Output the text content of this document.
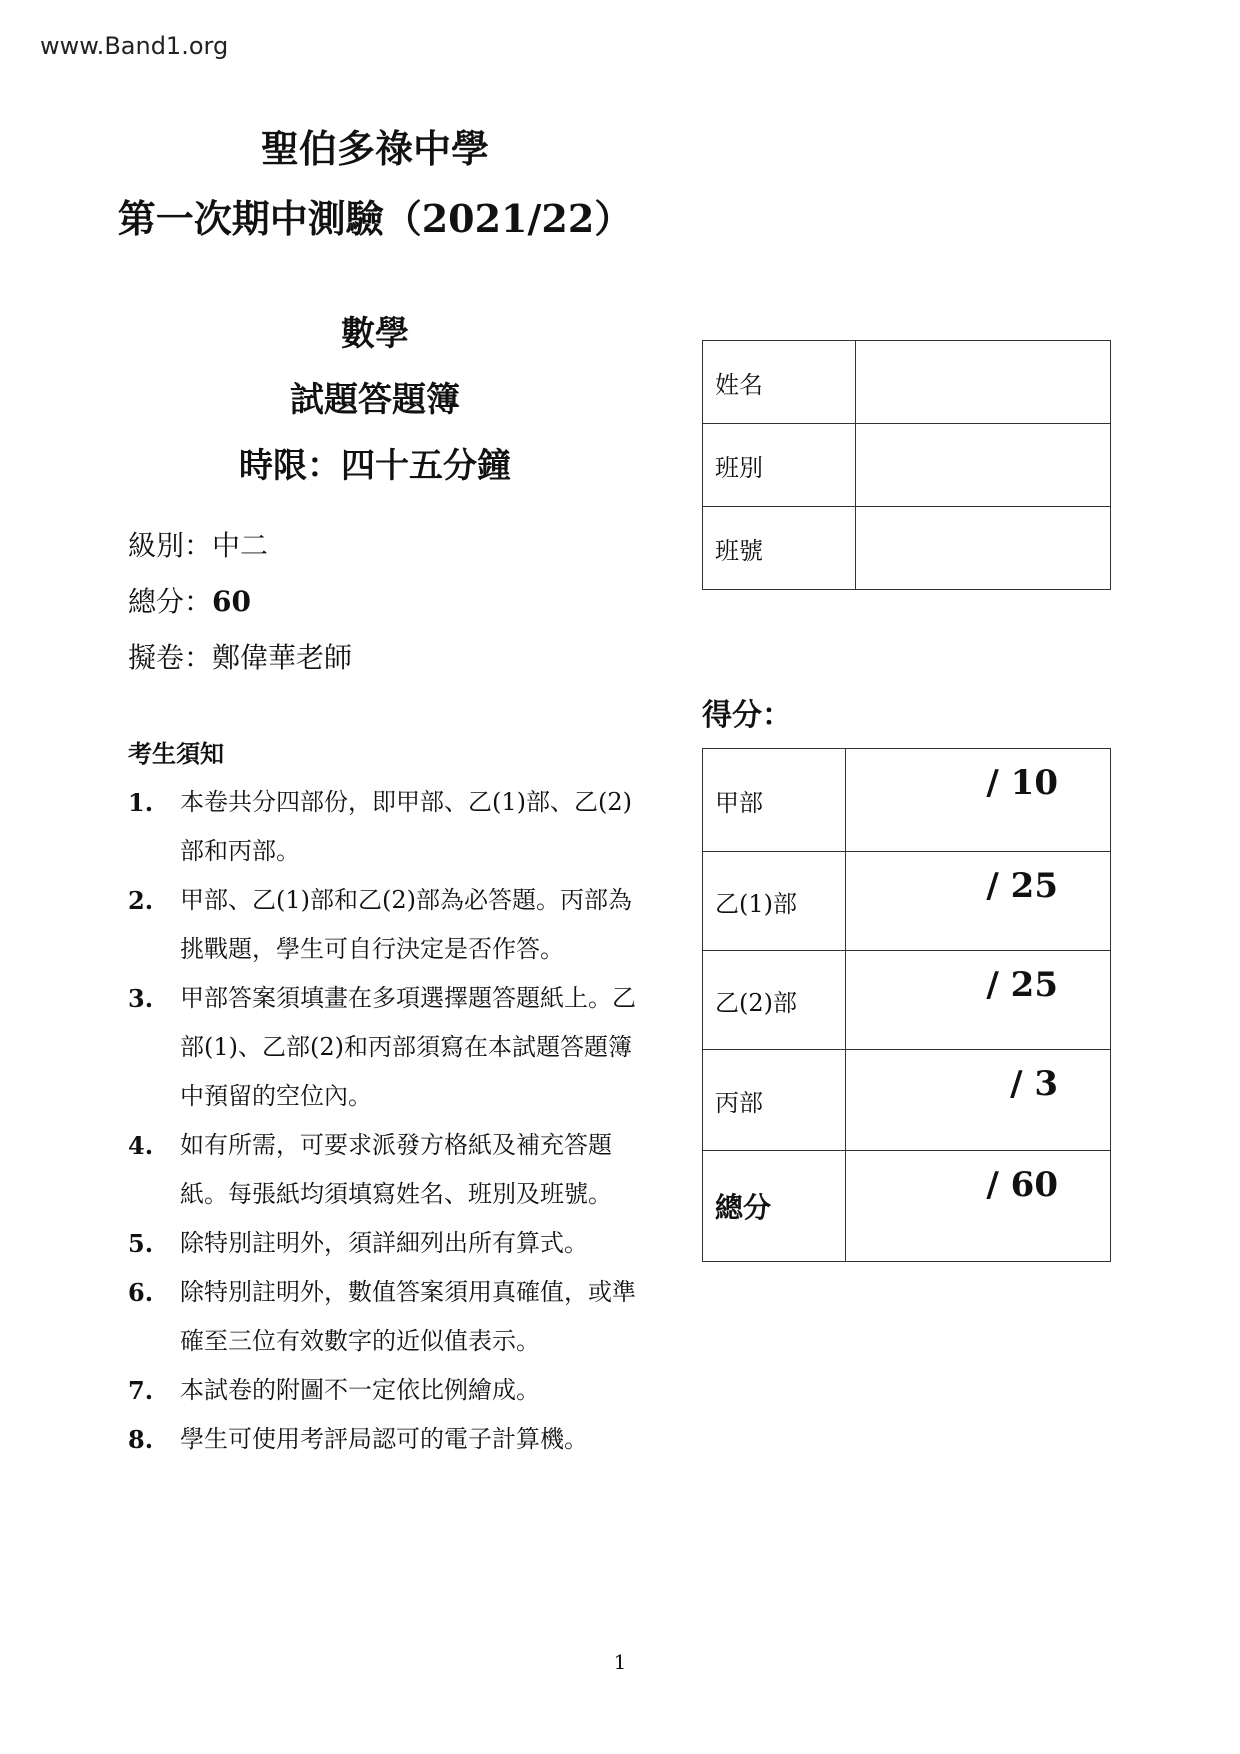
www.Band1.org
聖伯多祿中學
第一次期中測驗（2021/22）
數學
試題答題簿
時限：四十五分鐘
級別：中二
總分：60
擬卷：鄭偉華老師
考生須知
1.	本卷共分四部份，即甲部、乙(1)部、乙(2)部和丙部。
2.	甲部、乙(1)部和乙(2)部為必答題。丙部為挑戰題，學生可自行決定是否作答。
3.	甲部答案須填畫在多項選擇題答題紙上。乙部(1)、乙部(2)和丙部須寫在本試題答題簿中預留的空位內。
4.	如有所需，可要求派發方格紙及補充答題紙。每張紙均須填寫姓名、班別及班號。
5.	除特別註明外，須詳細列出所有算式。
6.	除特別註明外，數值答案須用真確值，或準確至三位有效數字的近似值表示。
7.	本試卷的附圖不一定依比例繪成。
8.	學生可使用考評局認可的電子計算機。
姓名	
班別	
班號	
得分：
甲部	/ 10
乙(1)部	/ 25
乙(2)部	/ 25
丙部	/ 3
總分	/ 60
1
